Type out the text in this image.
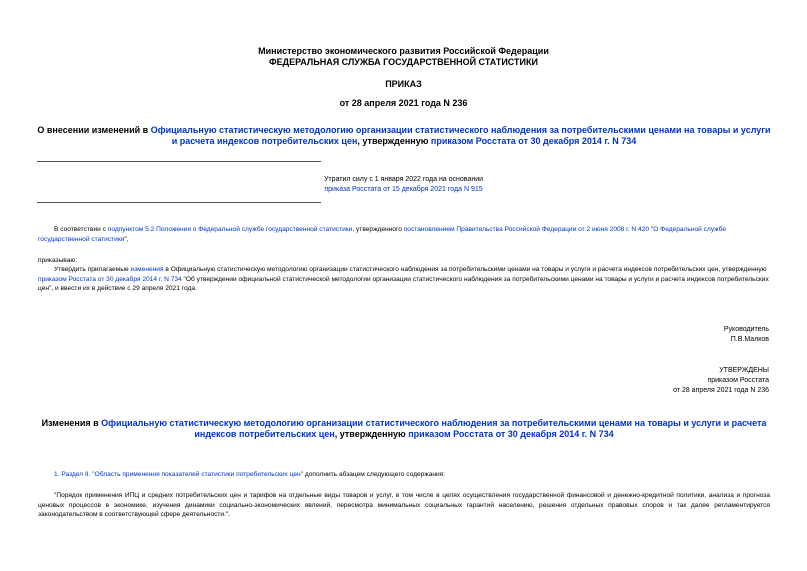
Министерство экономического развития Российской Федерации
ФЕДЕРАЛЬНАЯ СЛУЖБА ГОСУДАРСТВЕННОЙ СТАТИСТИКИ
ПРИКАЗ
от 28 апреля 2021 года N 236
О внесении изменений в Официальную статистическую методологию организации статистического наблюдения за потребительскими ценами на товары и услуги и расчета индексов потребительских цен, утвержденную приказом Росстата от 30 декабря 2014 г. N 734
Утратил силу с 1 января 2022 года на основании
приказа Росстата от 15 декабря 2021 года N 915
В соответствии с подпунктом 5.2 Положения о Федеральной службе государственной статистики, утвержденного постановлением Правительства Российской Федерации от 2 июня 2008 г. N 420 "О Федеральной службе государственной статистики",
приказываю:
Утвердить прилагаемые изменения в Официальную статистическую методологию организации статистического наблюдения за потребительскими ценами на товары и услуги и расчета индексов потребительских цен, утвержденную приказом Росстата от 30 декабря 2014 г. N 734 "Об утверждении официальной статистической методологии организации статистического наблюдения за потребительскими ценами на товары и услуги и расчета индексов потребительских цен", и ввести их в действие с 29 апреля 2021 года.
Руководитель
П.В.Малков
УТВЕРЖДЕНЫ
приказом Росстата
от 28 апреля 2021 года N 236
Изменения в Официальную статистическую методологию организации статистического наблюдения за потребительскими ценами на товары и услуги и расчета индексов потребительских цен, утвержденную приказом Росстата от 30 декабря 2014 г. N 734
1. Раздел II. "Область применения показателей статистики потребительских цен" дополнить абзацем следующего содержания:
"Порядок применения ИПЦ и средних потребительских цен и тарифов на отдельные виды товаров и услуг, в том числе в целях осуществления государственной финансовой и денежно-кредитной политики, анализа и прогноза ценовых процессов в экономике, изучения динамики социально-экономических явлений, пересмотра минимальных социальных гарантий населению, решения отдельных правовых споров и так далее регламентируется законодательством в соответствующей сфере деятельности.".
